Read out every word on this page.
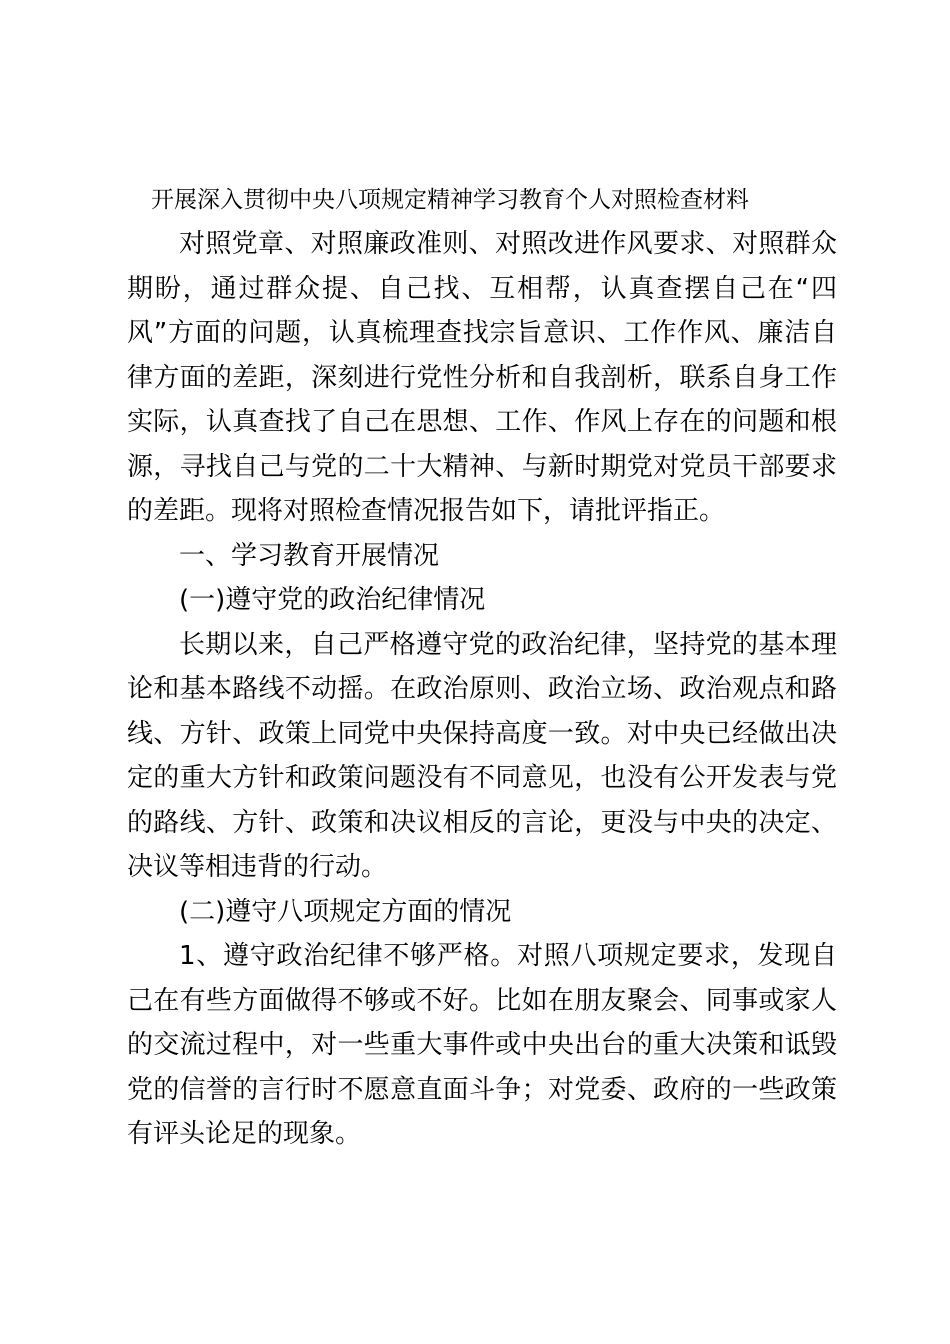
开展深入贯彻中央八项规定精神学习教育个人对照检查材料

对照党章、对照廉政准则、对照改进作风要求、对照群众期盼，通过群众提、自己找、互相帮，认真查摆自己在“四风”方面的问题，认真梳理查找宗旨意识、工作作风、廉洁自律方面的差距，深刻进行党性分析和自我剖析，联系自身工作实际，认真查找了自己在思想、工作、作风上存在的问题和根源，寻找自己与党的二十大精神、与新时期党对党员干部要求的差距。现将对照检查情况报告如下，请批评指正。

一、学习教育开展情况

(一)遵守党的政治纪律情况

长期以来，自己严格遵守党的政治纪律，坚持党的基本理论和基本路线不动摇。在政治原则、政治立场、政治观点和路线、方针、政策上同党中央保持高度一致。对中央已经做出决定的重大方针和政策问题没有不同意见，也没有公开发表与党的路线、方针、政策和决议相反的言论，更没与中央的决定、决议等相违背的行动。

(二)遵守八项规定方面的情况

1、遵守政治纪律不够严格。对照八项规定要求，发现自己在有些方面做得不够或不好。比如在朋友聚会、同事或家人的交流过程中，对一些重大事件或中央出台的重大决策和诋毁党的信誉的言行时不愿意直面斗争；对党委、政府的一些政策有评头论足的现象。
